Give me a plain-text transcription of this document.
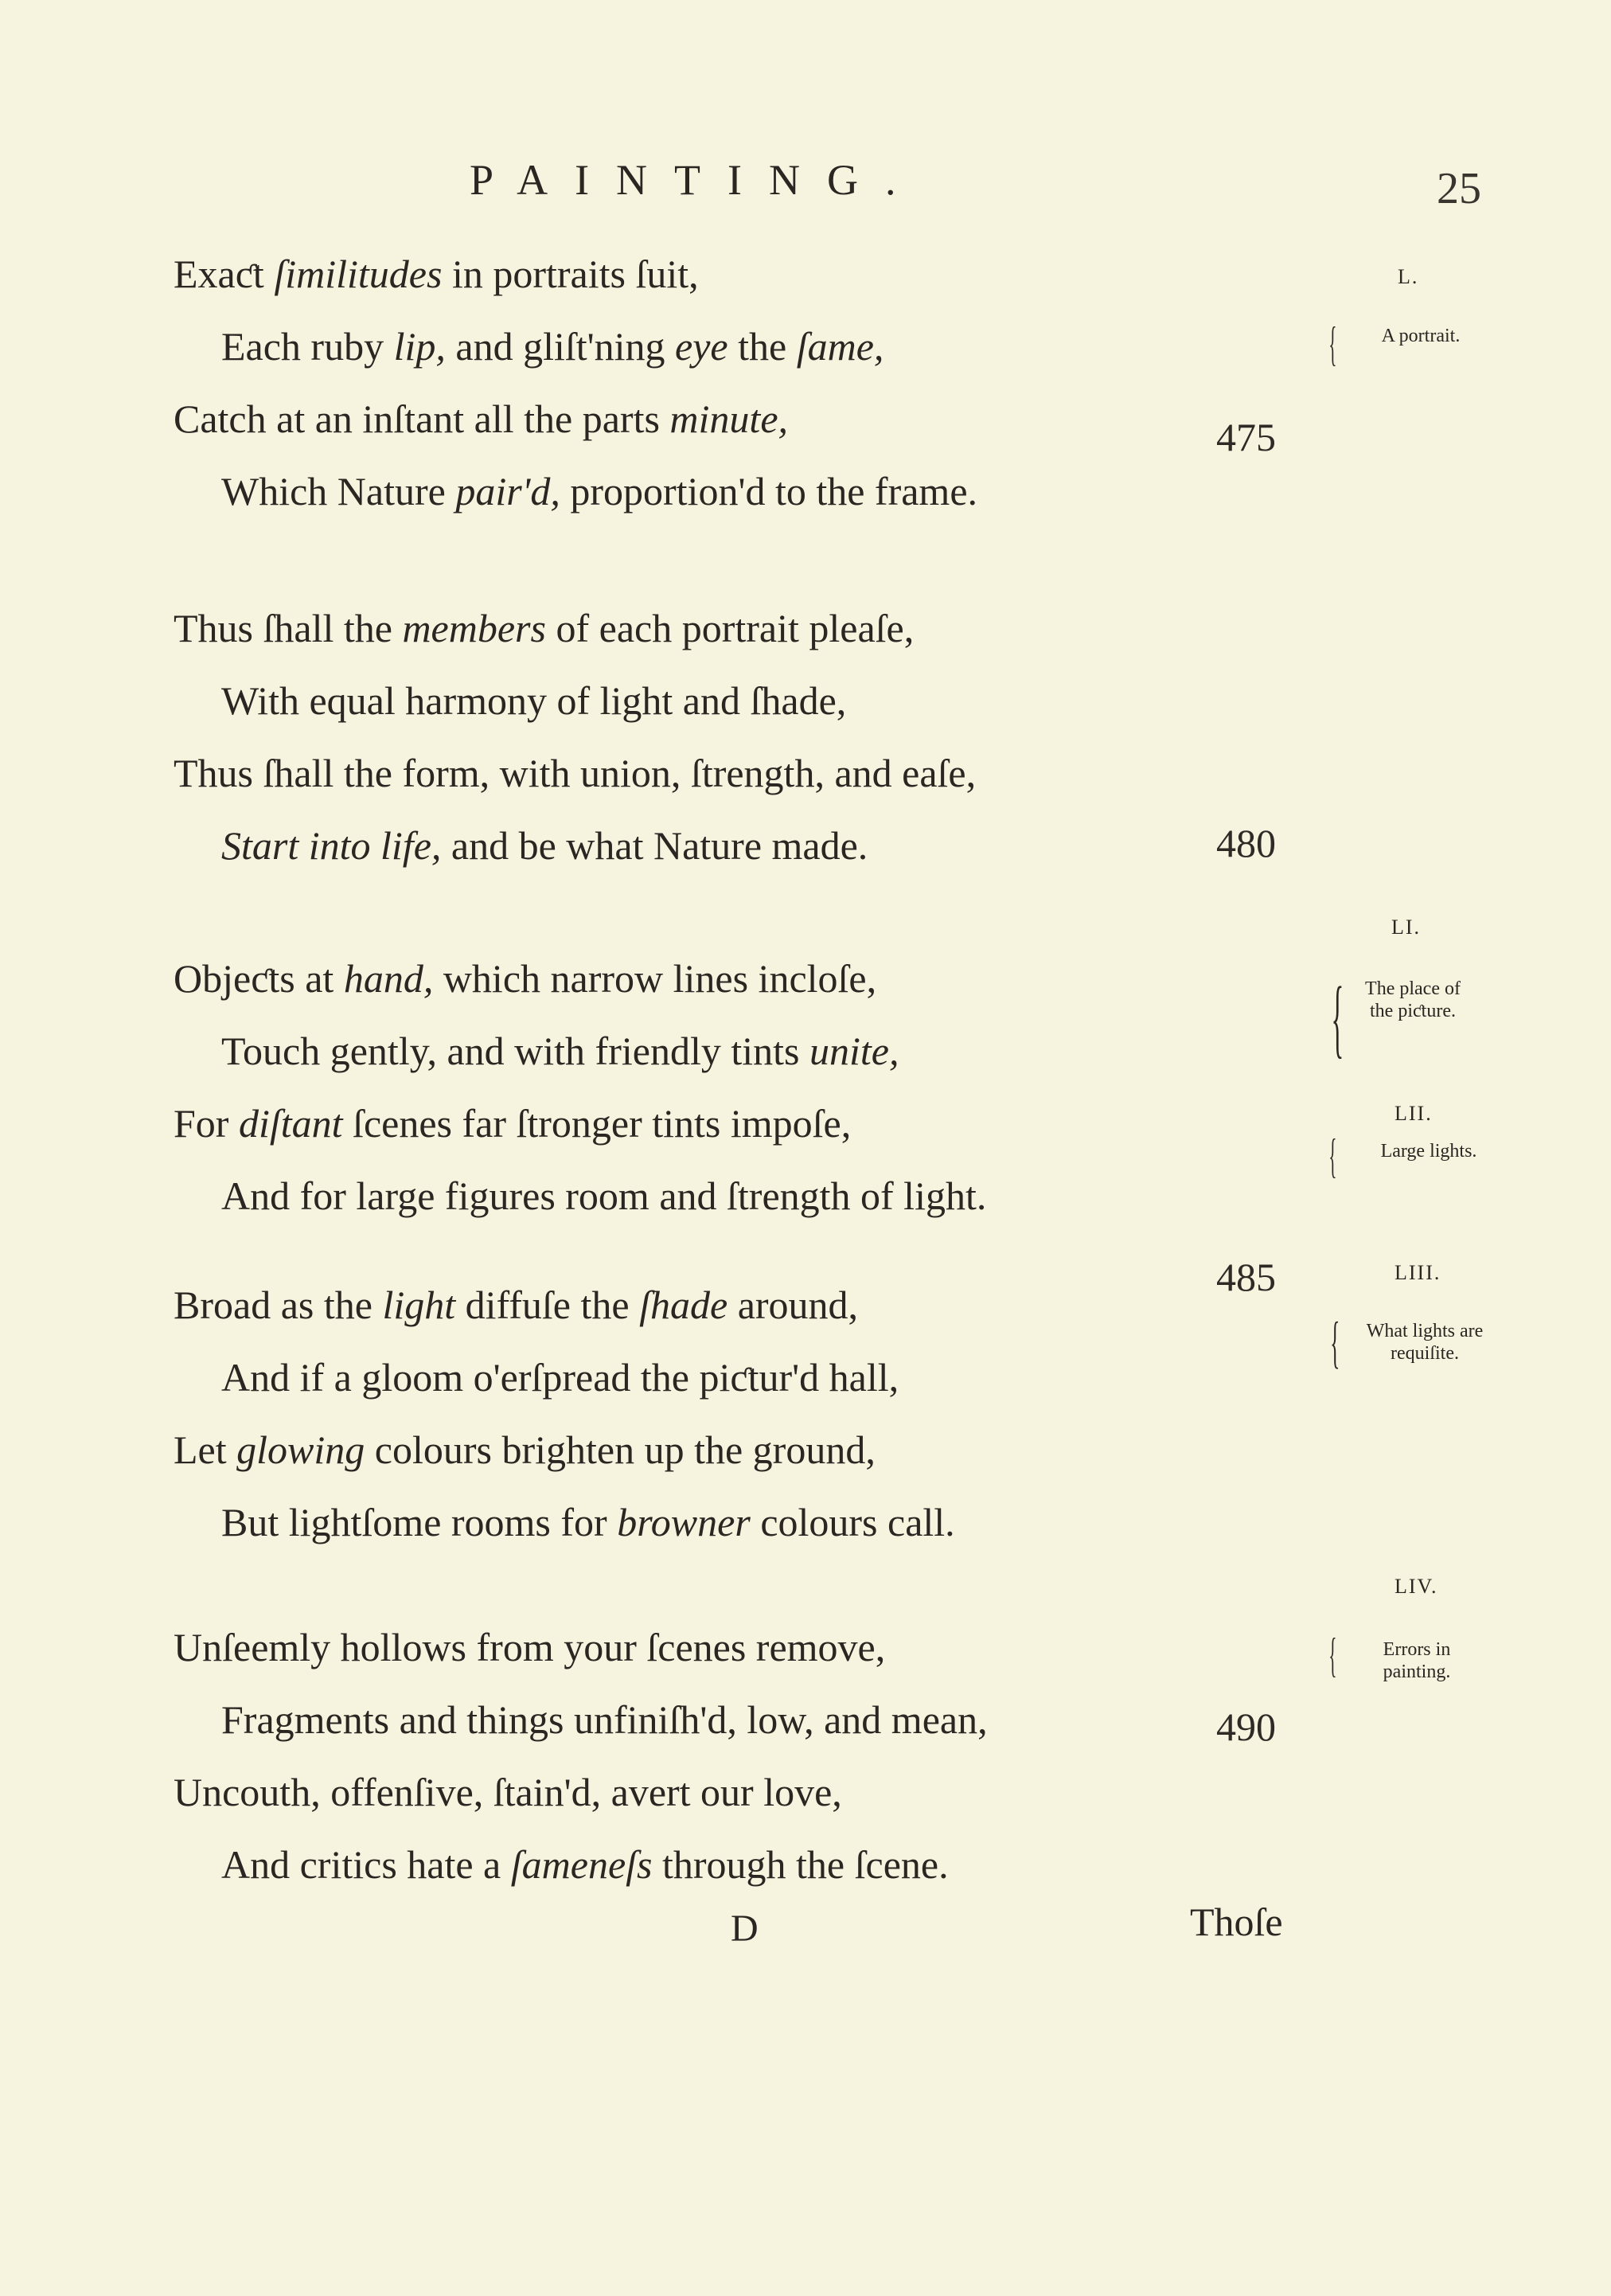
PAINTING.	25
Exaƈt ſimilitudes in portraits ſuit,
Each ruby lip, and gliſt'ning eye the ſame,
Catch at an inſtant all the parts minute,
Which Nature pair'd, proportion'd to the frame.
Thus ſhall the members of each portrait pleaſe,
With equal harmony of light and ſhade,
Thus ſhall the form, with union, ſtrength, and eaſe,
Start into life, and be what Nature made.
Objeƈts at hand, which narrow lines incloſe,
Touch gently, and with friendly tints unite,
For diſtant ſcenes far ſtronger tints impoſe,
And for large figures room and ſtrength of light.
Broad as the light diffuſe the ſhade around,
And if a gloom o'erſpread the piƈtur'd hall,
Let glowing colours brighten up the ground,
But lightſome rooms for browner colours call.
Unſeemly hollows from your ſcenes remove,
Fragments and things unfiniſh'd, low, and mean,
Uncouth, offenſive, ſtain'd, avert our love,
And critics hate a ſameneſs through the ſcene.
475
480
485
490
L.
{	A portrait.
LI.
{	The place of the piƈture.
LII.
{	Large lights.
LIII.
{	What lights are requiſite.
LIV.
{	Errors in painting.
D	Thoſe
